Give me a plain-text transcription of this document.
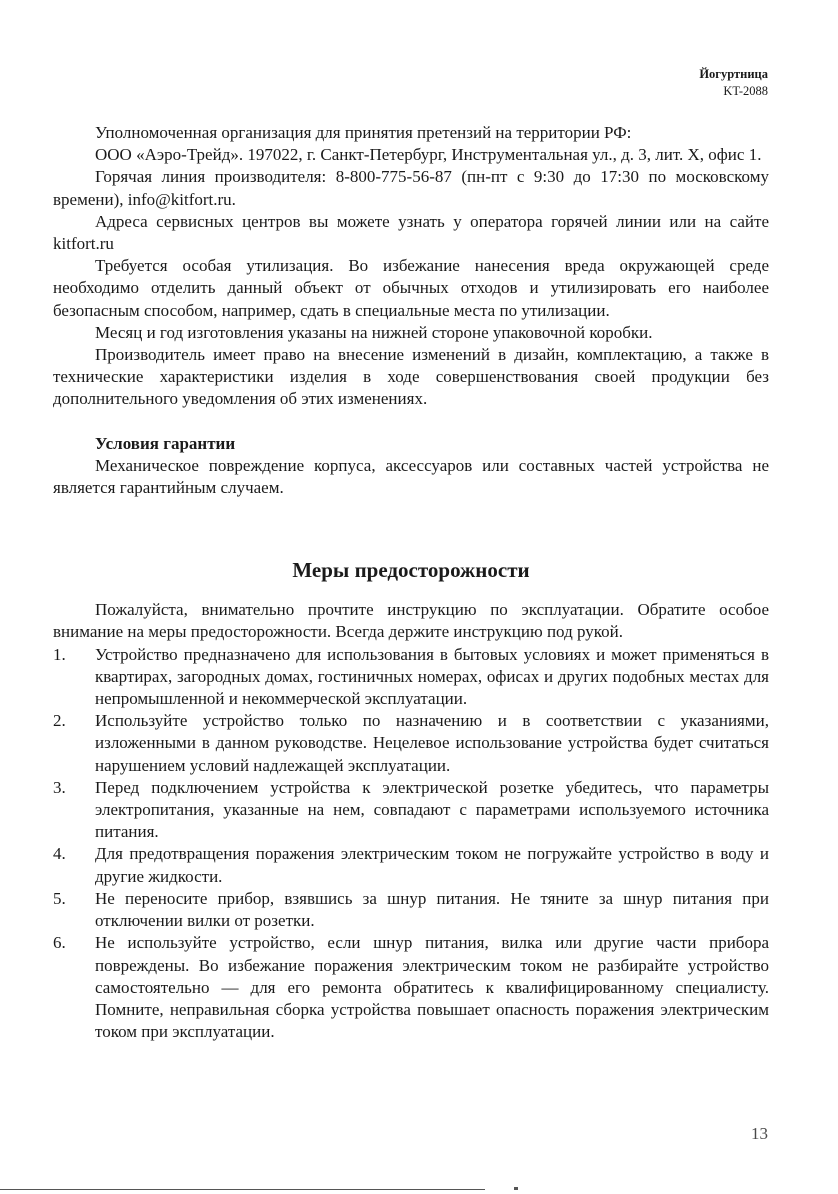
Йогуртница
KT-2088

Уполномоченная организация для принятия претензий на территории РФ:

ООО «Аэро-Трейд». 197022, г. Санкт-Петербург, Инструментальная ул., д. 3, лит. Х, офис 1.

Горячая линия производителя: 8-800-775-56-87 (пн-пт с 9:30 до 17:30 по московскому времени), info@kitfort.ru.

Адреса сервисных центров вы можете узнать у оператора горячей линии или на сайте kitfort.ru

Требуется особая утилизация. Во избежание нанесения вреда окружающей среде необходимо отделить данный объект от обычных отходов и утилизировать его наиболее безопасным способом, например, сдать в специальные места по утилизации.

Месяц и год изготовления указаны на нижней стороне упаковочной коробки.

Производитель имеет право на внесение изменений в дизайн, комплектацию, а также в технические характеристики изделия в ходе совершенствования своей продукции без дополнительного уведомления об этих изменениях.

Условия гарантии

Механическое повреждение корпуса, аксессуаров или составных частей устройства не является гарантийным случаем.

Меры предосторожности

Пожалуйста, внимательно прочтите инструкцию по эксплуатации. Обратите особое внимание на меры предосторожности. Всегда держите инструкцию под рукой.

1. Устройство предназначено для использования в бытовых условиях и может применяться в квартирах, загородных домах, гостиничных номерах, офисах и других подобных местах для непромышленной и некоммерческой эксплуатации.
2. Используйте устройство только по назначению и в соответствии с указаниями, изложенными в данном руководстве. Нецелевое использование устройства будет считаться нарушением условий надлежащей эксплуатации.
3. Перед подключением устройства к электрической розетке убедитесь, что параметры электропитания, указанные на нем, совпадают с параметрами используемого источника питания.
4. Для предотвращения поражения электрическим током не погружайте устройство в воду и другие жидкости.
5. Не переносите прибор, взявшись за шнур питания. Не тяните за шнур питания при отключении вилки от розетки.
6. Не используйте устройство, если шнур питания, вилка или другие части прибора повреждены. Во избежание поражения электрическим током не разбирайте устройство самостоятельно — для его ремонта обратитесь к квалифицированному специалисту. Помните, неправильная сборка устройства повышает опасность поражения электрическим током при эксплуатации.
13
